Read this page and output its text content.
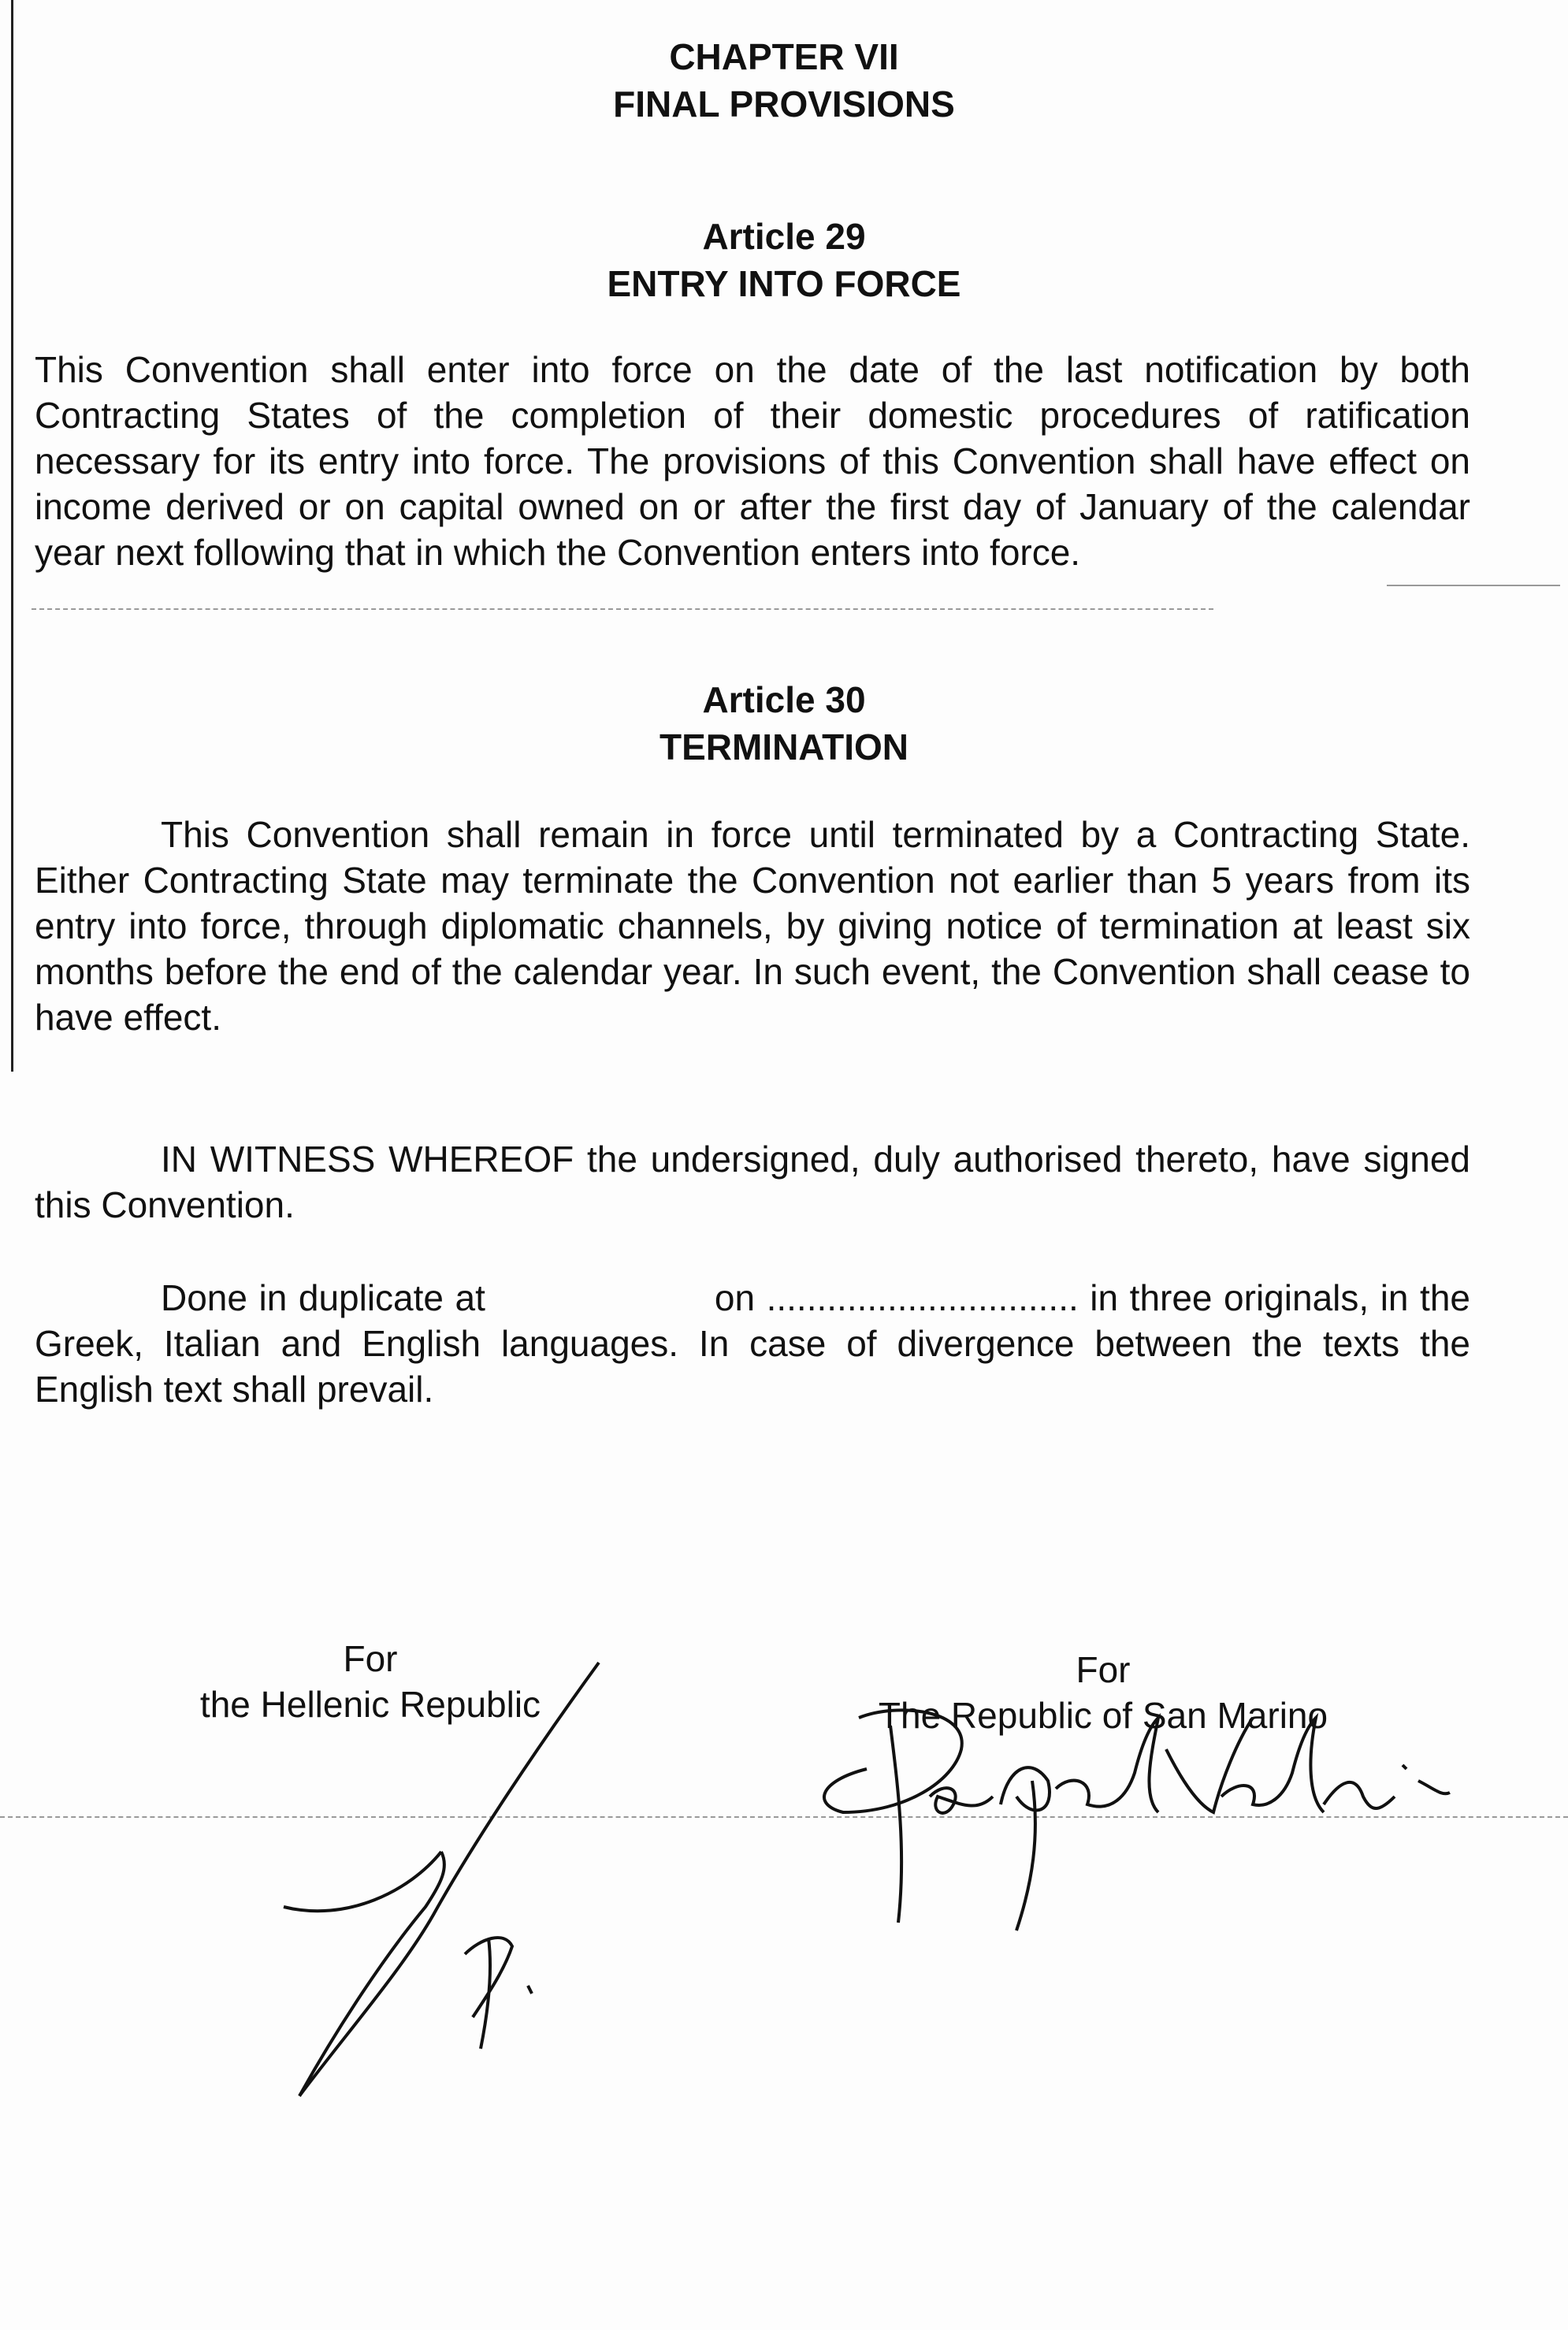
CHAPTER VII
FINAL PROVISIONS
Article 29
ENTRY INTO FORCE
This Convention shall enter into force on the date of the last notification by both Contracting States of the completion of their domestic procedures of ratification necessary for its entry into force. The provisions of this Convention shall have effect on income derived or on capital owned on or after the first day of January of the calendar year next following that in which the Convention enters into force.
Article 30
TERMINATION
This Convention shall remain in force until terminated by a Contracting State. Either Contracting State may terminate the Convention not earlier than 5 years from its entry into force, through diplomatic channels, by giving notice of termination at least six months before the end of the calendar year. In such event, the Convention shall cease to have effect.
IN WITNESS WHEREOF the undersigned, duly authorised thereto, have signed this Convention.
Done in duplicate at                    on ............................... in three originals, in the Greek, Italian and English languages. In case of divergence between the texts the English text shall prevail.
For
the Hellenic Republic
For
The Republic of San Marino
